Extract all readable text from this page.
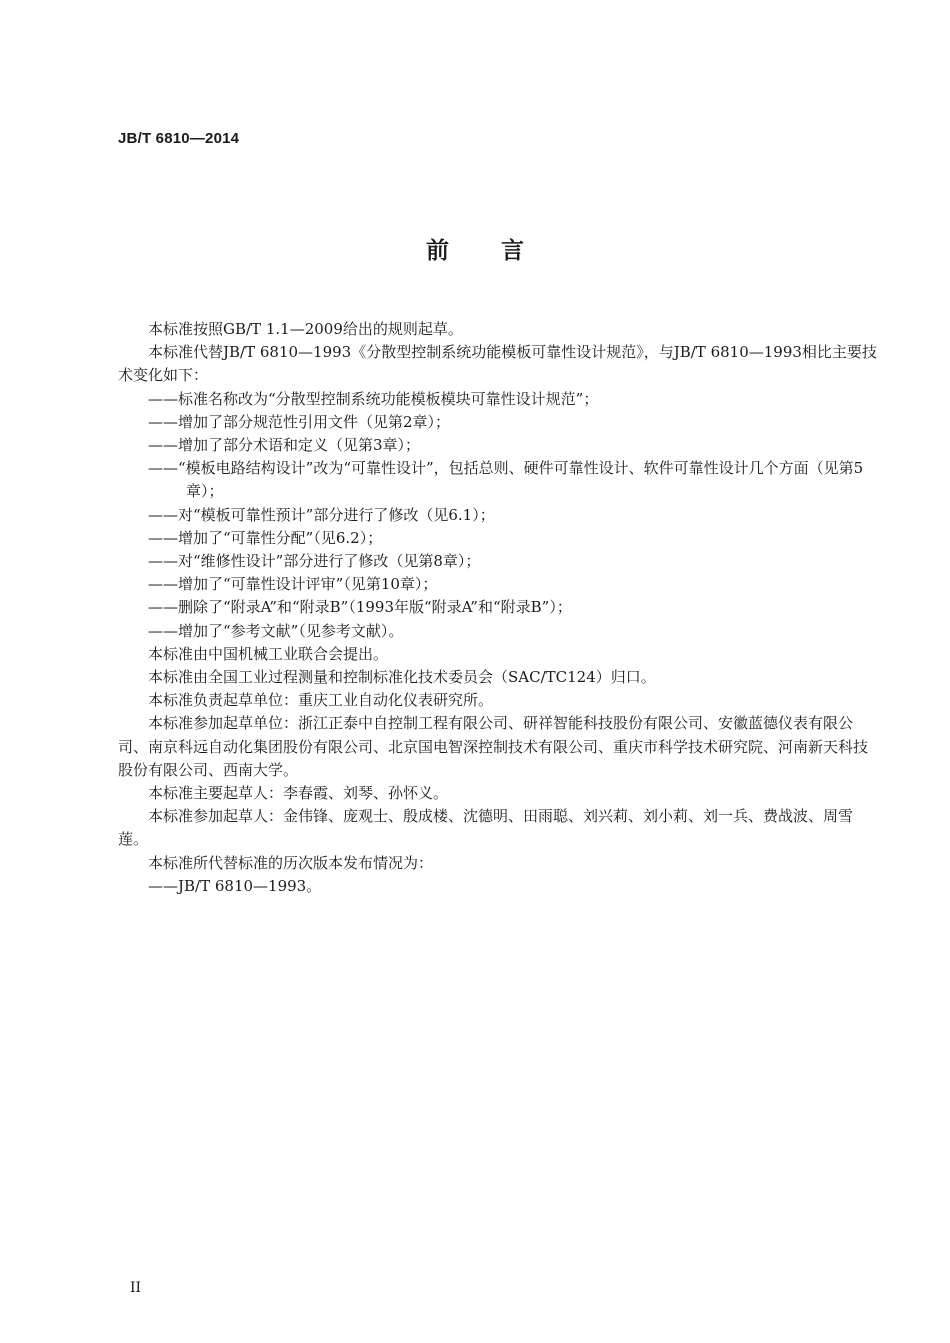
JB/T 6810—2014
前言

本标准按照GB/T 1.1—2009给出的规则起草。

本标准代替JB/T 6810—1993《分散型控制系统功能模板可靠性设计规范》，与JB/T 6810—1993相比主要技术变化如下：

——标准名称改为“分散型控制系统功能模板模块可靠性设计规范”；

——增加了部分规范性引用文件（见第2章）；

——增加了部分术语和定义（见第3章）；

——“模板电路结构设计”改为“可靠性设计”，包括总则、硬件可靠性设计、软件可靠性设计几个方面（见第5章）；

——对“模板可靠性预计”部分进行了修改（见6.1）；

——增加了“可靠性分配”（见6.2）；

——对“维修性设计”部分进行了修改（见第8章）；

——增加了“可靠性设计评审”（见第10章）；

——删除了“附录A”和“附录B”（1993年版“附录A”和“附录B”）；

——增加了“参考文献”（见参考文献）。

本标准由中国机械工业联合会提出。

本标准由全国工业过程测量和控制标准化技术委员会（SAC/TC124）归口。

本标准负责起草单位：重庆工业自动化仪表研究所。

本标准参加起草单位：浙江正泰中自控制工程有限公司、研祥智能科技股份有限公司、安徽蓝德仪表有限公司、南京科远自动化集团股份有限公司、北京国电智深控制技术有限公司、重庆市科学技术研究院、河南新天科技股份有限公司、西南大学。

本标准主要起草人：李春霞、刘琴、孙怀义。

本标准参加起草人：金伟锋、庞观士、殷成楼、沈德明、田雨聪、刘兴莉、刘小莉、刘一兵、费战波、周雪莲。

本标准所代替标准的历次版本发布情况为：

——JB/T 6810—1993。

II
